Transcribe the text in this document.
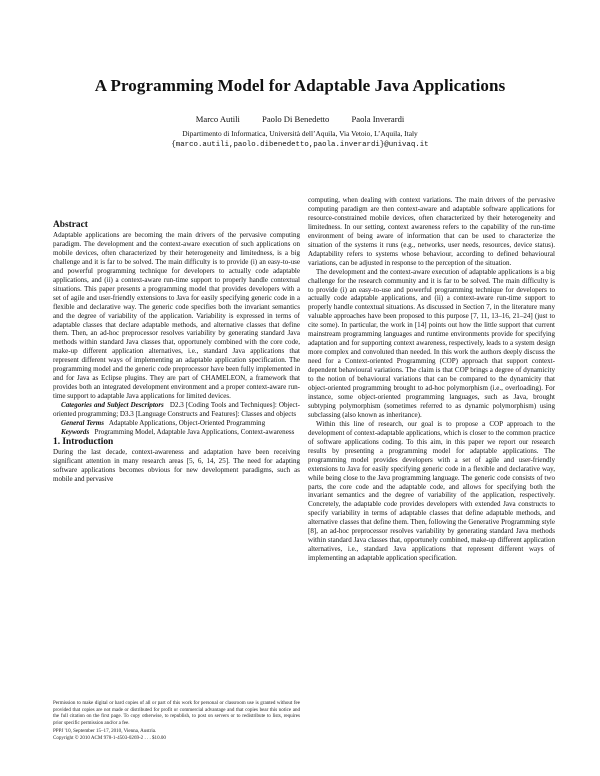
A Programming Model for Adaptable Java Applications
Marco Autili	Paolo Di Benedetto	Paola Inverardi
Dipartimento di Informatica, Università dell’Aquila, Via Vetoio, L’Aquila, Italy
{marco.autili,paolo.dibenedetto,paola.inverardi}@univaq.it
Abstract

Adaptable applications are becoming the main drivers of the pervasive computing paradigm. The development and the context-aware execution of such applications on mobile devices, often characterized by their heterogeneity and limitedness, is a big challenge and it is far to be solved. The main difficulty is to provide (i) an easy-to-use and powerful programming technique for developers to actually code adaptable applications, and (ii) a context-aware run-time support to properly handle contextual situations. This paper presents a programming model that provides developers with a set of agile and user-friendly extensions to Java for easily specifying generic code in a flexible and declarative way. The generic code specifies both the invariant semantics and the degree of variability of the application. Variability is expressed in terms of adaptable classes that declare adaptable methods, and alternative classes that define them. Then, an ad-hoc preprocessor resolves variability by generating standard Java methods within standard Java classes that, opportunely combined with the core code, make-up different application alternatives, i.e., standard Java applications that represent different ways of implementing an adaptable application specification. The programming model and the generic code preprocessor have been fully implemented in and for Java as Eclipse plugins. They are part of CHAMELEON, a framework that provides both an integrated development environment and a proper context-aware run-time support to adaptable Java applications for limited devices.

Categories and Subject Descriptors D2.3 [Coding Tools and Techniques]: Object-oriented programming; D3.3 [Language Constructs and Features]: Classes and objects

General Terms Adaptable Applications, Object-Oriented Programming

Keywords Programming Model, Adaptable Java Applications, Context-awareness

1. Introduction

During the last decade, context-awareness and adaptation have been receiving significant attention in many research areas [5, 6, 14, 25]. The need for adapting software applications becomes obvious for new development paradigms, such as mobile and pervasive

computing, when dealing with context variations. The main drivers of the pervasive computing paradigm are then context-aware and adaptable software applications for resource-constrained mobile devices, often characterized by their heterogeneity and limitedness. In our setting, context awareness refers to the capability of the run-time environment of being aware of information that can be used to characterize the situation of the systems it runs (e.g., networks, user needs, resources, device status). Adaptability refers to systems whose behaviour, according to defined behavioural variations, can be adjusted in response to the perception of the situation.

The development and the context-aware execution of adaptable applications is a big challenge for the research community and it is far to be solved. The main difficulty is to provide (i) an easy-to-use and powerful programming technique for developers to actually code adaptable applications, and (ii) a context-aware run-time support to properly handle contextual situations. As discussed in Section 7, in the literature many valuable approaches have been proposed to this purpose [7, 11, 13–16, 21–24] (just to cite some). In particular, the work in [14] points out how the little support that current mainstream programming languages and runtime environments provide for specifying adaptation and for supporting context awareness, respectively, leads to a system design more complex and convoluted than needed. In this work the authors deeply discuss the need for a Context-oriented Programming (COP) approach that support context-dependent behavioural variations. The claim is that COP brings a degree of dynamicity to the notion of behavioural variations that can be compared to the dynamicity that object-oriented programming brought to ad-hoc polymorphism (i.e., overloading). For instance, some object-oriented programming languages, such as Java, brought subtyping polymorphism (sometimes referred to as dynamic polymorphism) using subclassing (also known as inheritance).

Within this line of research, our goal is to propose a COP approach to the development of context-adaptable applications, which is closer to the common practice of software applications coding. To this aim, in this paper we report our research results by presenting a programming model for adaptable applications. The programming model provides developers with a set of agile and user-friendly extensions to Java for easily specifying generic code in a flexible and declarative way, while being close to the Java programming language. The generic code consists of two parts, the core code and the adaptable code, and allows for specifying both the invariant semantics and the degree of variability of the application, respectively. Concretely, the adaptable code provides developers with extended Java constructs to specify variability in terms of adaptable classes that define adaptable methods, and alternative classes that define them. Then, following the Generative Programming style [8], an ad-hoc preprocessor resolves variability by generating standard Java methods within standard Java classes that, opportunely combined, make-up different application alternatives, i.e., standard Java applications that represent different ways of implementing an adaptable application specification.

Permission to make digital or hard copies of all or part of this work for personal or classroom use is granted without fee provided that copies are not made or distributed for profit or commercial advantage and that copies bear this notice and the full citation on the first page. To copy otherwise, to republish, to post on servers or to redistribute to lists, requires prior specific permission and/or a fee.

PPPJ '10, September 15–17, 2010, Vienna, Austria.

Copyright © 2010 ACM 978-1-4503-0269-2 . . . $10.00
